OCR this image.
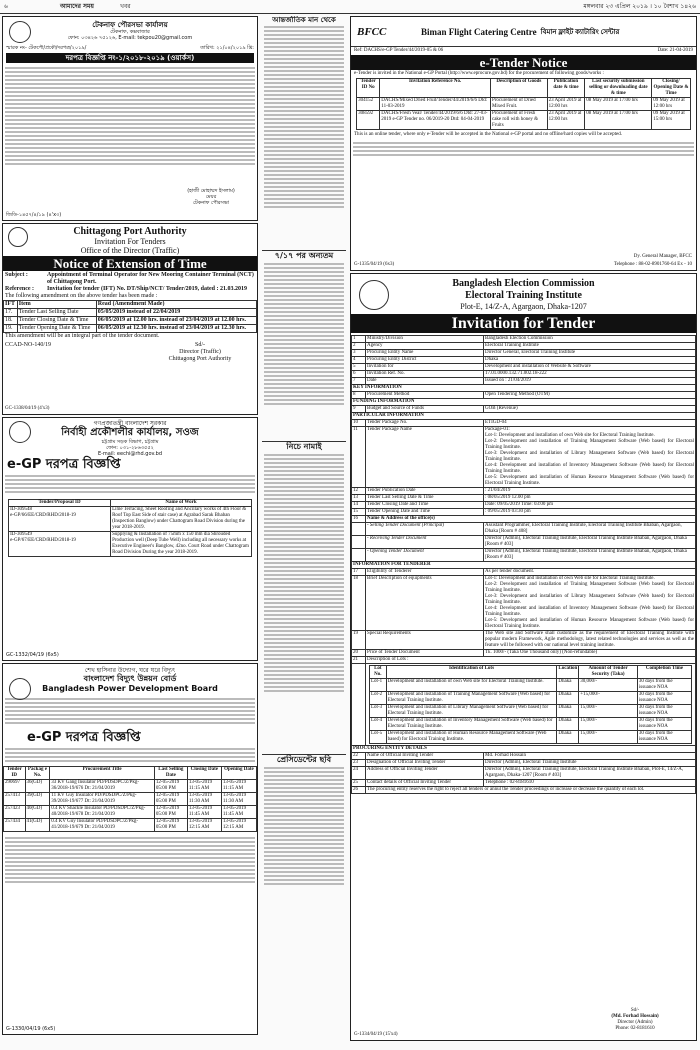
৬	আমাদের সময়	খবর	মঙ্গলবার ২৩ এপ্রিল ২০১৯ । ১০ বৈশাখ ১৪২৬
টেকনাফ পৌরসভা কার্যালয়
টেকনাফ, কক্সবাজার
ফোন: ০৩৪২৬ ৭৫১২৬, E-mail: tekpou20@gmail.com
স্মারক নং- টেকপৌ/প্রকৌ/দরপত্র/২০১৯/	তারিখ: ২১/০৪/২০১৯ খ্রি:
দরপত্র বিজ্ঞপ্তি নং-১/২০১৮-২০১৯ (ওয়ার্কস)
(হাজী মোহাম্মদ ইসলাম)
মেয়র
টেকনাফ পৌরসভা
জিডি-১৪৫৭/৪/১৯ (৪'x৩)
Chittagong Port Authority
Invitation For Tenders
Office of the Director (Traffic)
Notice of Extension of Time
Subject :	Appointment of Terminal Operator for New Mooring Container Terminal (NCT) of Chittagong Port.
Reference :	Invitation for tender (IFT) No. DT/Ship/NCT/ Tender/2019, dated : 21.03.2019
The following amendment on the above tender has been made :
IFT	Item	Read (Amendment Made)
17.	Tender Last Selling Date	05/05/2019 instead of 22/04/2019
18.	Tender Closing Date & Time	06/05/2019 at 12.00 hrs. instead of 23/04/2019 at 12.00 hrs.
19.	Tender Opening Date & Time	06/05/2019 at 12.30 hrs. instead of 23/04/2019 at 12.30 hrs.
This amendment will be an integral part of the tender document.
CCAD-NO-140/19	Sd/-
Director (Traffic)
Chittagong Port Authority
GC-1338/04/19 (4'x3)
গণপ্রজাতন্ত্রী বাংলাদেশ সরকার
নির্বাহী প্রকৌশলীর কার্যালয়, সওজ
চট্টগ্রাম সড়ক বিভাগ, চট্টগ্রাম
ফোন: ০৩১-২৮৬৩৫৫২
E-mail: eechi@rhd.gov.bd
e-GP দরপত্র বিজ্ঞপ্তি
Tender/Proposal ID	Name of Work
ID-309548
e-GP/66/EE/CRD/RHD/2018-19	Lime Terracing, Sheet Roofing and Ancillary works of 4th Floor & Roof Top East Side of stair case) at Agrabad Sarak Bhaban (Inspection Banglow) under Chattogram Road Division during the year 2018-2019.
ID-309549
e-GP/67/EE/CRD/RHD/2018-19	Supplying & Installation of 75mm x 150 mm dia Shrouded Production well (Deep Tube Well) including all necessary works at Executive Engineer's Banglow, 42no. Court Road under Chattogram Road Division During the year 2018-2019.
GC-1332/04/19 (6x5)
শেখ হাসিনার উদ্যোগ, ঘরে ঘরে বিদ্যুৎ
বাংলাদেশ বিদ্যুৎ উন্নয়ন বোর্ড
Bangladesh Power Development Board
e-GP দরপত্র বিজ্ঞপ্তি
Tender ID	Packag e No.	Procurement Title	Last Selling Date	Closing Date	Opening Date
290697	36(GD)	33 KV Gang Insulator PD/PDSDPC/Z/Pkg-36/2018-19/676 Dt: 21/04/2019	12-05-2019 05:00 PM	13-05-2019 11:15 AM	13-05-2019 11:15 AM
257413	39(GD)	11 KV Guy Insulator PD/PDSDPC/Z/Pkg-39/2018-19/677 Dt: 21/04/2019	12-05-2019 05:00 PM	13-05-2019 11:30 AM	13-05-2019 11:30 AM
257423	40(GD)	0.4 KV Shackle Insulator PD/PDSDPC/Z/Pkg-40/2018-19/678 Dt: 21/04/2019	12-05-2019 05:00 PM	13-05-2019 11:45 AM	13-05-2019 11:45 AM
257434	41(GD)	0.4 KV Guy Insulator PD/PDSDPC/Z/Pkg-41/2018-19/679 Dt: 21/04/2019	12-05-2019 05:00 PM	13-05-2019 12:15 AM	13-05-2019 12:15 AM
G-1330/04/19 (6x5)
আন্তর্জাতিক মান থেকে
৭/১৭ পর অন্যতম
নিচে নামাই
প্রেসিডেন্টের ছবি
BFCC	Biman Flight Catering Centre বিমান ফ্লাইট ক্যাটারিং সেন্টার
Ref: DACHS/e-GP Tender/44/2019-05 & 06	Date: 21-04-2019
e-Tender Notice
e-Tender is invited in the National e-GP Portal (http://www.eprocure.gov.bd) for the procurement of following goods/works :
Tender ID No	Invitation Reference No.	Description of Goods	Publication date & time	Last security submission selling or downloading date & time	Closing/ Opening Date & Time
304152	DACHS/Mixed Dried Fruit/Tender/44/2019/6/6 Dtd: 11-03-2019	Procurement of Dried Mixed Fruit.	23 April 2019 at 12:00 hrs	08 May 2019 at 17:00 hrs	09 May 2019 at 12:00 hrs
308592	DACHS/Fresh Veal/ Tender/44/2019/6/6 Dtd: 27-03-2019 e-GP Tender no. 06/2019-20 Dtd: 04-04-2019	Procurement of Fresh cake roll with honey & Fruits	23 April 2019 at 12:00 hrs	08 May 2019 at 17:00 hrs	09 May 2019 at 15:00 hrs
This is an online tender, where only e-Tender will be accepted in the National e-GP portal and no offline/hard copies will be accepted.
Dy. General Manager, BFCC
Telephone : 88-02-8901760-64 Ex - 10
G-1335/04/19 (6x3)
Bangladesh Election Commission
Electoral Training Institute
Plot-E, 14/Z-A, Agargaon, Dhaka-1207
Invitation for Tender
1	Ministry/Division	Bangladesh Election Commission
2	Agency	Electoral Training Institute
3	Procuring Entity Name	Director General, Electoral Training Institute
4	Procuring Entity District	Dhaka
5	Invitation for	Development and installation of Website & Software
6	Invitation Ref. No.	17.01.0000.132.71.002.18-222
7	Date	Issued on : 21/04/2019
KEY INFORMATION
8	Procurement Method	Open Tendering Method (OTM)
FUNDING INFORMATION
9	Budget and Source of Funds	GOB (Revenue)
PARTICULAR INFORMATION
10	Tender Package No.	ETIGD-04
11	Tender Package Name	Package-01:
Lot-1: Development and installation of own Web site for Electoral Training Institute.
Lot-2: Development and installation of Training Management Software (Web based) for Electoral Training Institute.
Lot-3: Development and installation of Library Management Software (Web based) for Electoral Training Institute.
Lot-4: Development and installation of Inventory Management Software (Web based) for Electoral Training Institute.
Lot-5: Development and installation of Human Resource Management Software (Web based) for Electoral Training Institute.
12	Tender Publication Date	: 21/04/2019
13	Tender Last Selling Date & Time	: 08/05/2019 12.00 pm
14	Tender Closing Date and Time	Date: 09/05/2019 Time: 03:00 pm
15	Tender Opening Date and Time	: 09/05/2019 03:30 pm
16	Name & Address of the office(s)
	- Selling Tender Document (Principal)	Assistant Programmer, Electoral Training Institute, Electoral Training Institute Bhaban, Agargaon, Dhaka [Room # 408]
	- Receiving Tender Document	Director (Admin), Electoral Training Institute, Electoral Training Institute Bhaban, Agargaon, Dhaka [Room # 403]
	- Opening Tender Document	Director (Admin), Electoral Training Institute, Electoral Training Institute Bhaban, Agargaon, Dhaka [Room # 403]
INFORMATION FOR TENDERER
17	Eligibility of Tenderer	As per tender document.
18	Brief Description of equipments	Lot-1: Development and installation of own Web site for Electoral Training Institute.
Lot-2: Development and installation of Training Management Software (Web based) for Electoral Training Institute.
Lot-3: Development and installation of Library Management Software (Web based) for Electoral Training Institute.
Lot-4: Development and installation of Inventory Management Software (Web based) for Electoral Training Institute.
Lot-5: Development and installation of Human Resource Management Software (Web based) for Electoral Training Institute.
19	Special Requirements	The Web site and Software shall customize as the requirement of Electoral Training Institute with popular modern Framework, Agile methodology, latest related technologies and services as well as the feature will be followed with our national level training institute.
20	Price of Tender Document	Tk. 1000/- (Taka One Thousand only) (Non-refundable)
21	Description of Lots :

Lot No.	Identification of Lots	Location	Amount of Tender Security (Taka)	Completion Time
Lot-1	Development and installation of own Web site for Electoral Training Institute.	Dhaka	30,000/-	30 days from the issuance NOA
Lot-2	Development and installation of Training Management Software (Web based) for Electoral Training Institute.	Dhaka	+15,000/-	30 days from the issuance NOA
Lot-3	Development and installation of Library Management Software (Web based) for Electoral Training Institute.	Dhaka	15,000/-	30 days from the issuance NOA
Lot-4	Development and installation of Inventory Management Software (Web based) for Electoral Training Institute.	Dhaka	15,000/-	30 days from the issuance NOA
Lot-5	Development and installation of Human Resource Management Software (Web based) for Electoral Training Institute.	Dhaka	15,000/-	30 days from the issuance NOA

PROCURING ENTITY DETAILS
22	Name of Official Inviting Tender	Md. Forhad Hossain
23	Designation of Official Inviting Tender	Director (Admin), Electoral Training Institute
24	Address of Official Inviting Tender	Director (Admin), Electoral Training Institute, Electoral Training Institute Bhaban, Plot-E, 14/Z-A, Agargaon, Dhaka-1207 [Room # 403]
25	Contact details of Official Inviting Tender	Telephone : 02-8181610
26	The procuring entity reserves the right to reject all tenders or annul the Tender proceedings or increase or decrease the quantity of each lot.
Sd/-
(Md. Forhad Hossain)
Director (Admin)
Phone: 02-8181610
G-1334/04/19 (15'x4)
